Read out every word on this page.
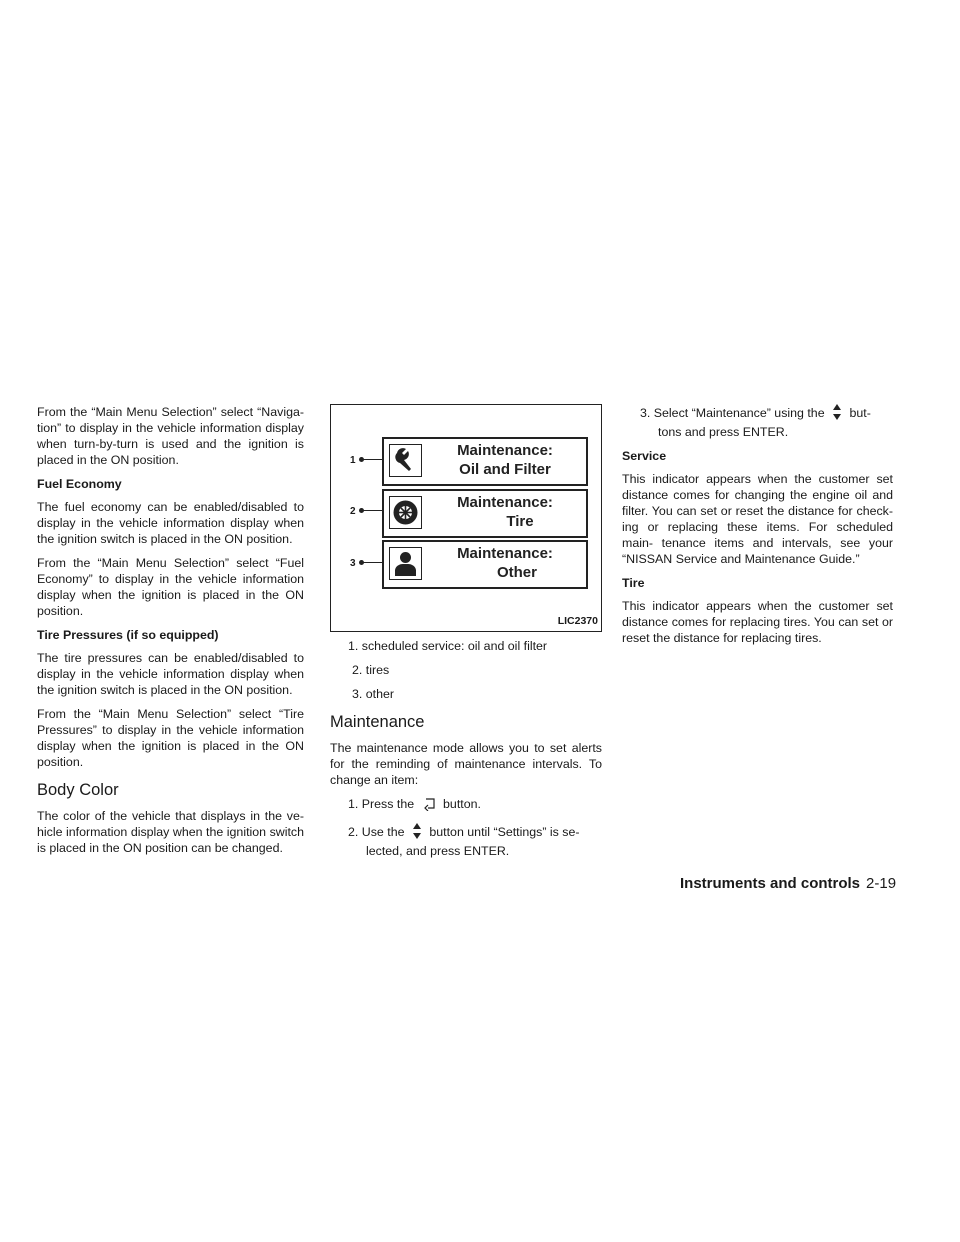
From the “Main Menu Selection” select “Naviga- tion” to display in the vehicle information display when turn-by-turn is used and the ignition is placed in the ON position.

Fuel Economy

The fuel economy can be enabled/disabled to display in the vehicle information display when the ignition switch is placed in the ON position.

From the “Main Menu Selection” select “Fuel Economy” to display in the vehicle information display when the ignition is placed in the ON position.

Tire Pressures (if so equipped)

The tire pressures can be enabled/disabled to display in the vehicle information display when the ignition switch is placed in the ON position.

From the “Main Menu Selection” select “Tire Pressures” to display in the vehicle information display when the ignition is placed in the ON position.

Body Color

The color of the vehicle that displays in the ve- hicle information display when the ignition switch is placed in the ON position can be changed.

1
Maintenance:
Oil and Filter
2
Maintenance:
Tire
3
Maintenance:
Other
LIC2370
1. scheduled service: oil and oil filter
2. tires
3. other
Maintenance

The maintenance mode allows you to set alerts for the reminding of maintenance intervals. To change an item:

1. Press the button.
2. Use the button until “Settings” is se-
lected, and press ENTER.
3. Select “Maintenance” using the but-
tons and press ENTER.
Service

This indicator appears when the customer set distance comes for changing the engine oil and filter. You can set or reset the distance for check- ing or replacing these items. For scheduled main- tenance items and intervals, see your “NISSAN Service and Maintenance Guide.”

Tire

This indicator appears when the customer set distance comes for replacing tires. You can set or reset the distance for replacing tires.

Instruments and controls 2-19
